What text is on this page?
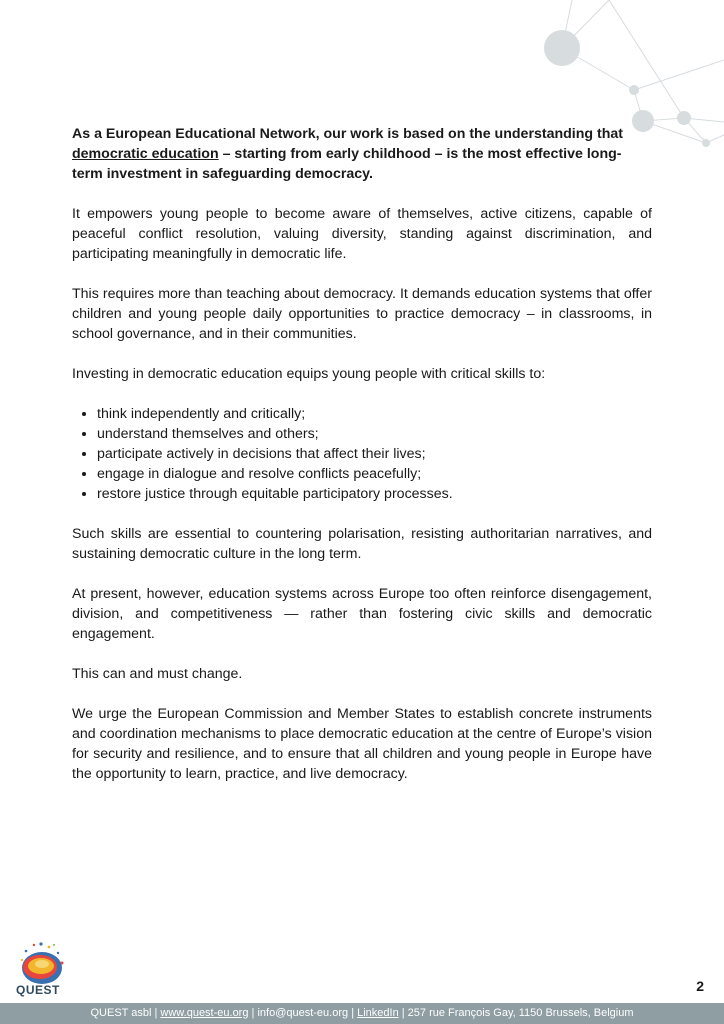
As a European Educational Network, our work is based on the understanding that democratic education – starting from early childhood – is the most effective long-term investment in safeguarding democracy.

It empowers young people to become aware of themselves, active citizens, capable of peaceful conflict resolution, valuing diversity, standing against discrimination, and participating meaningfully in democratic life.

This requires more than teaching about democracy. It demands education systems that offer children and young people daily opportunities to practice democracy – in classrooms, in school governance, and in their communities.

Investing in democratic education equips young people with critical skills to:

• think independently and critically;
• understand themselves and others;
• participate actively in decisions that affect their lives;
• engage in dialogue and resolve conflicts peacefully;
• restore justice through equitable participatory processes.

Such skills are essential to countering polarisation, resisting authoritarian narratives, and sustaining democratic culture in the long term.

At present, however, education systems across Europe too often reinforce disengagement, division, and competitiveness — rather than fostering civic skills and democratic engagement.

This can and must change.

We urge the European Commission and Member States to establish concrete instruments and coordination mechanisms to place democratic education at the centre of Europe’s vision for security and resilience, and to ensure that all children and young people in Europe have the opportunity to learn, practice, and live democracy.

QUEST	2
QUEST asbl | www.quest-eu.org | info@quest-eu.org | LinkedIn | 257 rue François Gay, 1150 Brussels, Belgium
